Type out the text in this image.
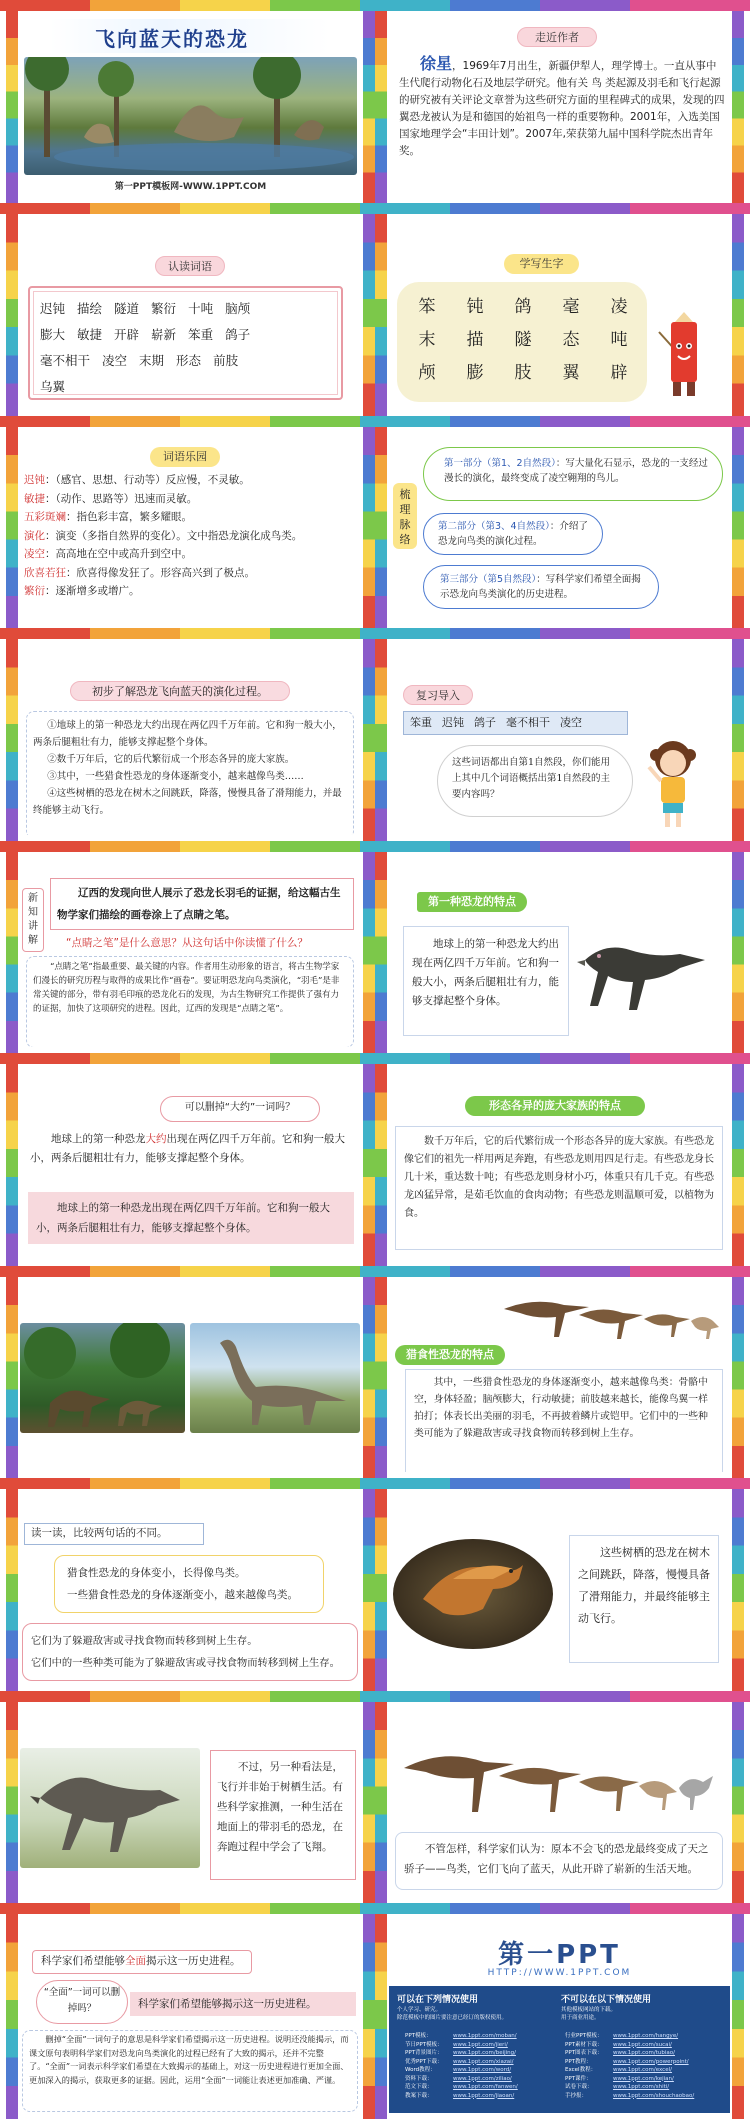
飞向蓝天的恐龙
第一PPT模板网-WWW.1PPT.COM
走近作者
徐星，1969年7月出生，新疆伊犁人，理学博士。一直从事中生代爬行动物化石及地层学研究。他有关 鸟 类起源及羽毛和飞行起源的研究被有关评论文章誉为这些研究方面的里程碑式的成果，发现的四翼恐龙被认为是和德国的始祖鸟一样的重要物种。2001年，入选美国国家地理学会“丰田计划”。2007年,荣获第九届中国科学院杰出青年奖。
认读词语
迟钝 描绘 隧道 繁衍 十吨 脑颅
膨大 敏捷 开辟 崭新 笨重 鸽子
毫不相干 凌空 末期 形态 前肢
乌翼
学写生字
笨	钝	鸽	毫	凌
末	描	隧	态	吨
颅	膨	肢	翼	辟
词语乐园
迟钝：（感官、思想、行动等）反应慢，不灵敏。
敏捷：（动作、思路等）迅速而灵敏。
五彩斑斓：指色彩丰富，繁多耀眼。
演化：演变（多指自然界的变化）。文中指恐龙演化成鸟类。
凌空：高高地在空中或高升到空中。
欣喜若狂：欣喜得像发狂了。形容高兴到了极点。
繁衍：逐渐增多或增广。
梳理脉络
第一部分（第1、2自然段）：写大量化石显示，恐龙的一支经过漫长的演化，最终变成了凌空翱翔的鸟儿。
第二部分（第3、4自然段）：介绍了恐龙向鸟类的演化过程。
第三部分（第5自然段）：写科学家们希望全面揭示恐龙向鸟类演化的历史进程。
初步了解恐龙飞向蓝天的演化过程。
①地球上的第一种恐龙大约出现在两亿四千万年前。它和狗一般大小，两条后腿粗壮有力，能够支撑起整个身体。
②数千万年后，它的后代繁衍成一个形态各异的庞大家族。
③其中，一些猎食性恐龙的身体逐渐变小，越来越像鸟类……
④这些树栖的恐龙在树木之间跳跃，降落，慢慢具备了滑翔能力，并最终能够主动飞行。
复习导入
笨重 迟钝 鸽子 毫不相干 凌空
这些词语都出自第1自然段，你们能用上其中几个词语概括出第1自然段的主要内容吗？
新知讲解
辽西的发现向世人展示了恐龙长羽毛的证据，给这幅古生物学家们描绘的画卷涂上了点睛之笔。
“点睛之笔”是什么意思？从这句话中你读懂了什么？
“点睛之笔”指最重要、最关键的内容。作者用生动形象的语言，将古生物学家们漫长的研究历程与取得的成果比作“画卷”。要证明恐龙向鸟类演化，“羽毛”是非常关键的部分，带有羽毛印痕的恐龙化石的发现，为古生物研究工作提供了强有力的证据，加快了这项研究的进程。因此，辽西的发现是“点睛之笔”。
第一种恐龙的特点
地球上的第一种恐龙大约出现在两亿四千万年前。它和狗一般大小，两条后腿粗壮有力，能够支撑起整个身体。
可以删掉“大约”一词吗？
地球上的第一种恐龙大约出现在两亿四千万年前。它和狗一般大小，两条后腿粗壮有力，能够支撑起整个身体。
地球上的第一种恐龙出现在两亿四千万年前。它和狗一般大小，两条后腿粗壮有力，能够支撑起整个身体。
形态各异的庞大家族的特点
数千万年后，它的后代繁衍成一个形态各异的庞大家族。有些恐龙像它们的祖先一样用两足奔跑，有些恐龙则用四足行走。有些恐龙身长几十米，重达数十吨；有些恐龙则身材小巧，体重只有几千克。有些恐龙凶猛异常，是茹毛饮血的食肉动物；有些恐龙则温顺可爱，以植物为食。
猎食性恐龙的特点
其中，一些猎食性恐龙的身体逐渐变小，越来越像鸟类：骨骼中空，身体轻盈；脑颅膨大，行动敏捷；前肢越来越长，能像鸟翼一样拍打；体表长出美丽的羽毛，不再披着鳞片或铠甲。它们中的一些种类可能为了躲避敌害或寻找食物而转移到树上生存。
读一读，比较两句话的不同。
猎食性恐龙的身体变小，长得像鸟类。
一些猎食性恐龙的身体逐渐变小，越来越像鸟类。
它们为了躲避敌害或寻找食物而转移到树上生存。
它们中的一些种类可能为了躲避敌害或寻找食物而转移到树上生存。
这些树栖的恐龙在树木之间跳跃，降落，慢慢具备了滑翔能力，并最终能够主动飞行。
不过，另一种看法是，飞行并非始于树栖生活。有些科学家推测，一种生活在地面上的带羽毛的恐龙，在奔跑过程中学会了飞翔。	不管怎样，科学家们认为：原本不会飞的恐龙最终变成了天之骄子——鸟类，它们飞向了蓝天，从此开辟了崭新的生活天地。
科学家们希望能够全面揭示这一历史进程。
“全面”一词可以删掉吗？	科学家们希望能够揭示这一历史进程。
删掉“全面”一词句子的意思是科学家们希望揭示这一历史进程。说明还没能揭示，而课文原句表明科学家们对恐龙向鸟类演化的过程已经有了大致的揭示，还并不完整了。“全面”一词表示科学家们希望在大致揭示的基础上，对这一历史进程进行更加全面、更加深入的揭示，获取更多的证据。因此，运用“全面”一词能让表述更加准确、严谨。
第一PPT
HTTP://WWW.1PPT.COM
可以在下列情况使用
个人学习、研究。
除范模板中的图片要注意已经订的版权使用。
不可以在以下情况使用
其他模板网站的下载。
用于商业用途。
PPT模板：	www.1ppt.com/moban/
节日PPT模板： www.1ppt.com/jieri/
PPT背景图片： www.1ppt.com/beijing/
优秀PPT下载： www.1ppt.com/xiazai/
Word教程：	www.1ppt.com/word/
资料下载：	www.1ppt.com/ziliao/
范文下载：	www.1ppt.com/fanwen/
教案下载：	www.1ppt.com/jiaoan/
行业PPT模板： www.1ppt.com/hangye/
PPT素材下载： www.1ppt.com/sucai/
PPT图表下载： www.1ppt.com/tubiao/
PPT教程：	www.1ppt.com/powerpoint/
Excel教程：	www.1ppt.com/excel/
PPT课件：	www.1ppt.com/kejian/
试卷下载：	www.1ppt.com/shiti/
手抄报：	www.1ppt.com/shouchaobao/
